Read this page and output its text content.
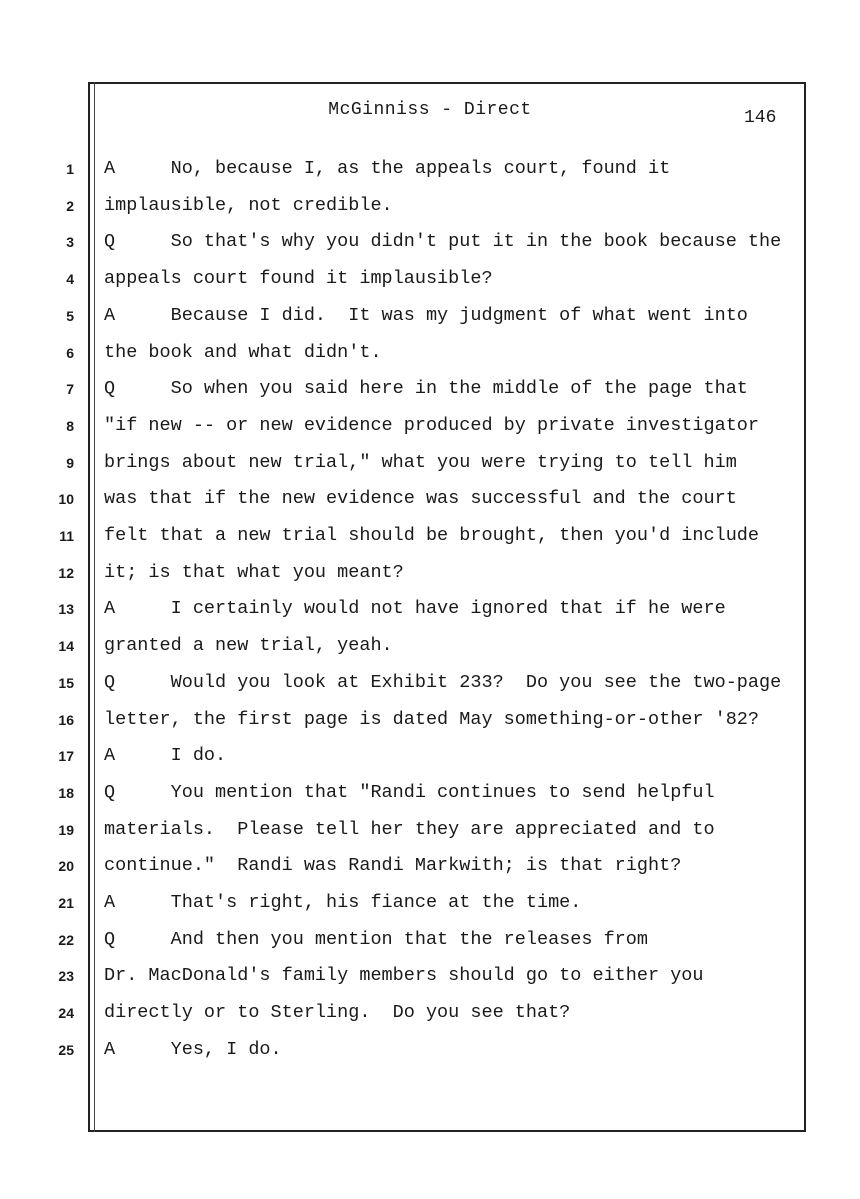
McGinniss - Direct	146
1 A     No, because I, as the appeals court, found it
2 implausible, not credible.
3 Q     So that's why you didn't put it in the book because the
4 appeals court found it implausible?
5 A     Because I did.  It was my judgment of what went into
6 the book and what didn't.
7 Q     So when you said here in the middle of the page that
8 "if new -- or new evidence produced by private investigator
9 brings about new trial," what you were trying to tell him
10 was that if the new evidence was successful and the court
11 felt that a new trial should be brought, then you'd include
12 it; is that what you meant?
13 A     I certainly would not have ignored that if he were
14 granted a new trial, yeah.
15 Q     Would you look at Exhibit 233?  Do you see the two-page
16 letter, the first page is dated May something-or-other '82?
17 A     I do.
18 Q     You mention that "Randi continues to send helpful
19 materials.  Please tell her they are appreciated and to
20 continue."  Randi was Randi Markwith; is that right?
21 A     That's right, his fiance at the time.
22 Q     And then you mention that the releases from
23 Dr. MacDonald's family members should go to either you
24 directly or to Sterling.  Do you see that?
25 A     Yes, I do.
